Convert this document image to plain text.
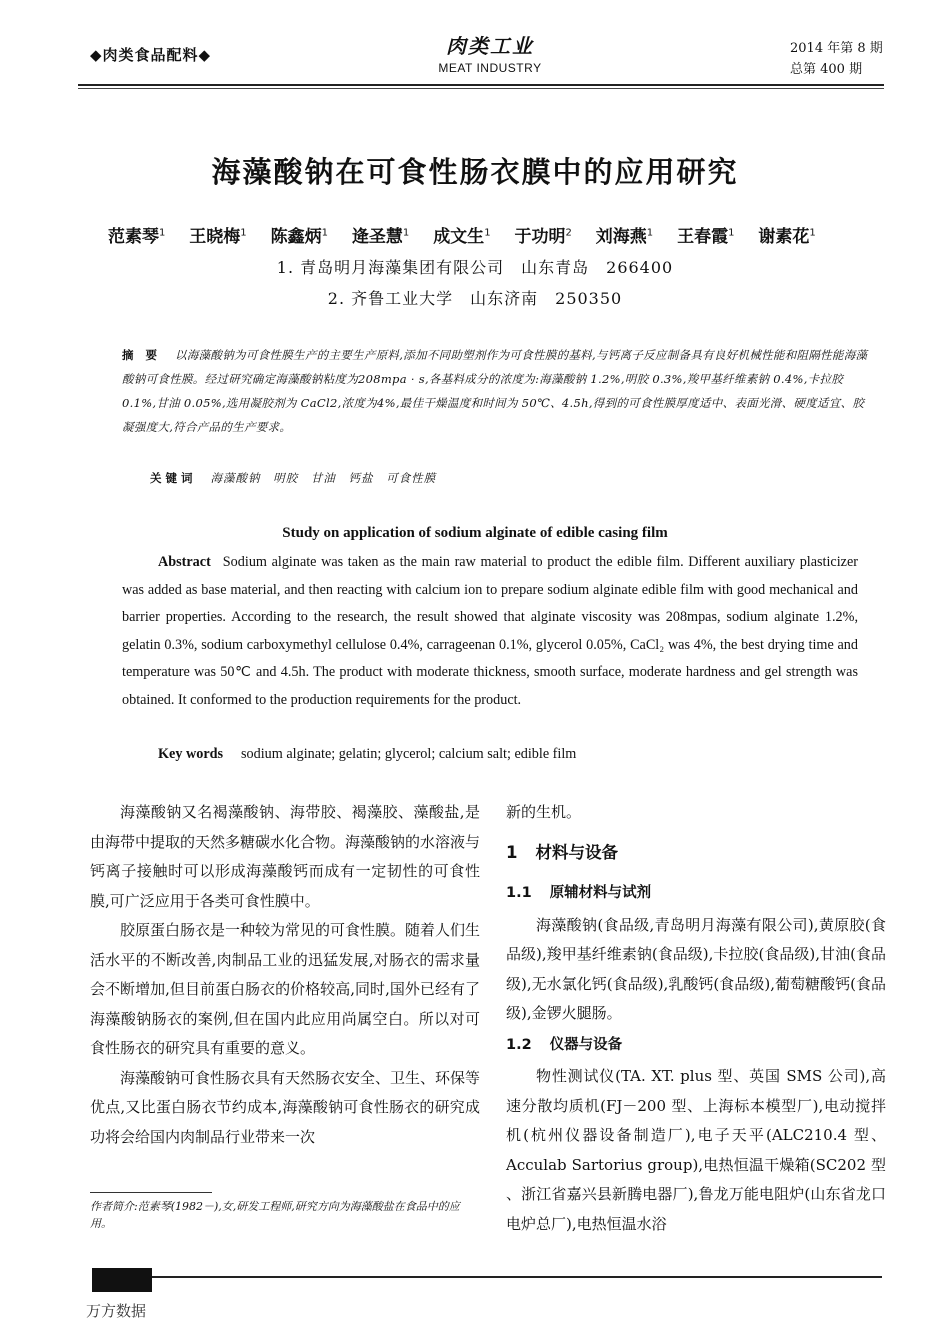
◆肉类食品配料◆	肉类工业
MEAT INDUSTRY
2014 年第 8 期
总第 400 期
海藻酸钠在可食性肠衣膜中的应用研究
范素琴$^1$ 王晓梅$^1$ 陈鑫炳$^1$ 逄圣慧$^1$ 成文生$^1$ 于功明$^2$ 刘海燕$^1$ 王春霞$^1$ 谢素花$^1$
1. 青岛明月海藻集团有限公司　山东青岛　266400
2. 齐鲁工业大学　山东济南　250350
摘 要 以海藻酸钠为可食性膜生产的主要生产原料,添加不同助塑剂作为可食性膜的基料,与钙离子反应制备具有良好机械性能和阻隔性能海藻酸钠可食性膜。经过研究确定海藻酸钠粘度为208mpa · s,各基料成分的浓度为:海藻酸钠 1.2%,明胶 0.3%,羧甲基纤维素钠 0.4%,卡拉胶 0.1%,甘油 0.05%,选用凝胶剂为 CaCl2,浓度为4%,最佳干燥温度和时间为 50℃、4.5h,得到的可食性膜厚度适中、表面光滑、硬度适宜、胶凝强度大,符合产品的生产要求。
关键词 海藻酸钠 明胶 甘油 钙盐 可食性膜
Study on application of sodium alginate of edible casing film
Abstract Sodium alginate was taken as the main raw material to product the edible film. Different auxiliary plasticizer was added as base material, and then reacting with calcium ion to prepare sodium alginate edible film with good mechanical and barrier properties. According to the research, the result showed that alginate viscosity was 208mpas, sodium alginate 1.2%, gelatin 0.3%, sodium carboxymethyl cellulose 0.4%, carrageenan 0.1%, glycerol 0.05%, CaCl₂ was 4%, the best drying time and temperature was 50℃ and 4.5h. The product with moderate thickness, smooth surface, moderate hardness and gel strength was obtained. It conformed to the production requirements for the product.
Key words sodium alginate; gelatin; glycerol; calcium salt; edible film

海藻酸钠又名褐藻酸钠、海带胶、褐藻胶、藻酸盐,是由海带中提取的天然多糖碳水化合物。海藻酸钠的水溶液与钙离子接触时可以形成海藻酸钙而成有一定韧性的可食性膜,可广泛应用于各类可食性膜中。

胶原蛋白肠衣是一种较为常见的可食性膜。随着人们生活水平的不断改善,肉制品工业的迅猛发展,对肠衣的需求量会不断增加,但目前蛋白肠衣的价格较高,同时,国外已经有了海藻酸钠肠衣的案例,但在国内此应用尚属空白。所以对可食性肠衣的研究具有重要的意义。

海藻酸钠可食性肠衣具有天然肠衣安全、卫生、环保等优点,又比蛋白肠衣节约成本,海藻酸钠可食性肠衣的研究成功将会给国内肉制品行业带来一次

新的生机。

1 材料与设备
1.1 原辅材料与试剂

海藻酸钠(食品级,青岛明月海藻有限公司),黄原胶(食品级),羧甲基纤维素钠(食品级),卡拉胶(食品级),甘油(食品级),无水氯化钙(食品级),乳酸钙(食品级),葡萄糖酸钙(食品级),金锣火腿肠。

1.2 仪器与设备

物性测试仪(TA. XT. plus 型、英国 SMS 公司),高速分散均质机(FJ－200 型、上海标本模型厂),电动搅拌机(杭州仪器设备制造厂),电子天平(ALC210.4 型、Acculab Sartorius group),电热恒温干燥箱(SC202 型 、浙江省嘉兴县新腾电器厂),鲁龙万能电阻炉(山东省龙口电炉总厂),电热恒温水浴

作者简介:范素琴(1982－),女,研发工程师,研究方向为海藻酸盐在食品中的应用。
万方数据
